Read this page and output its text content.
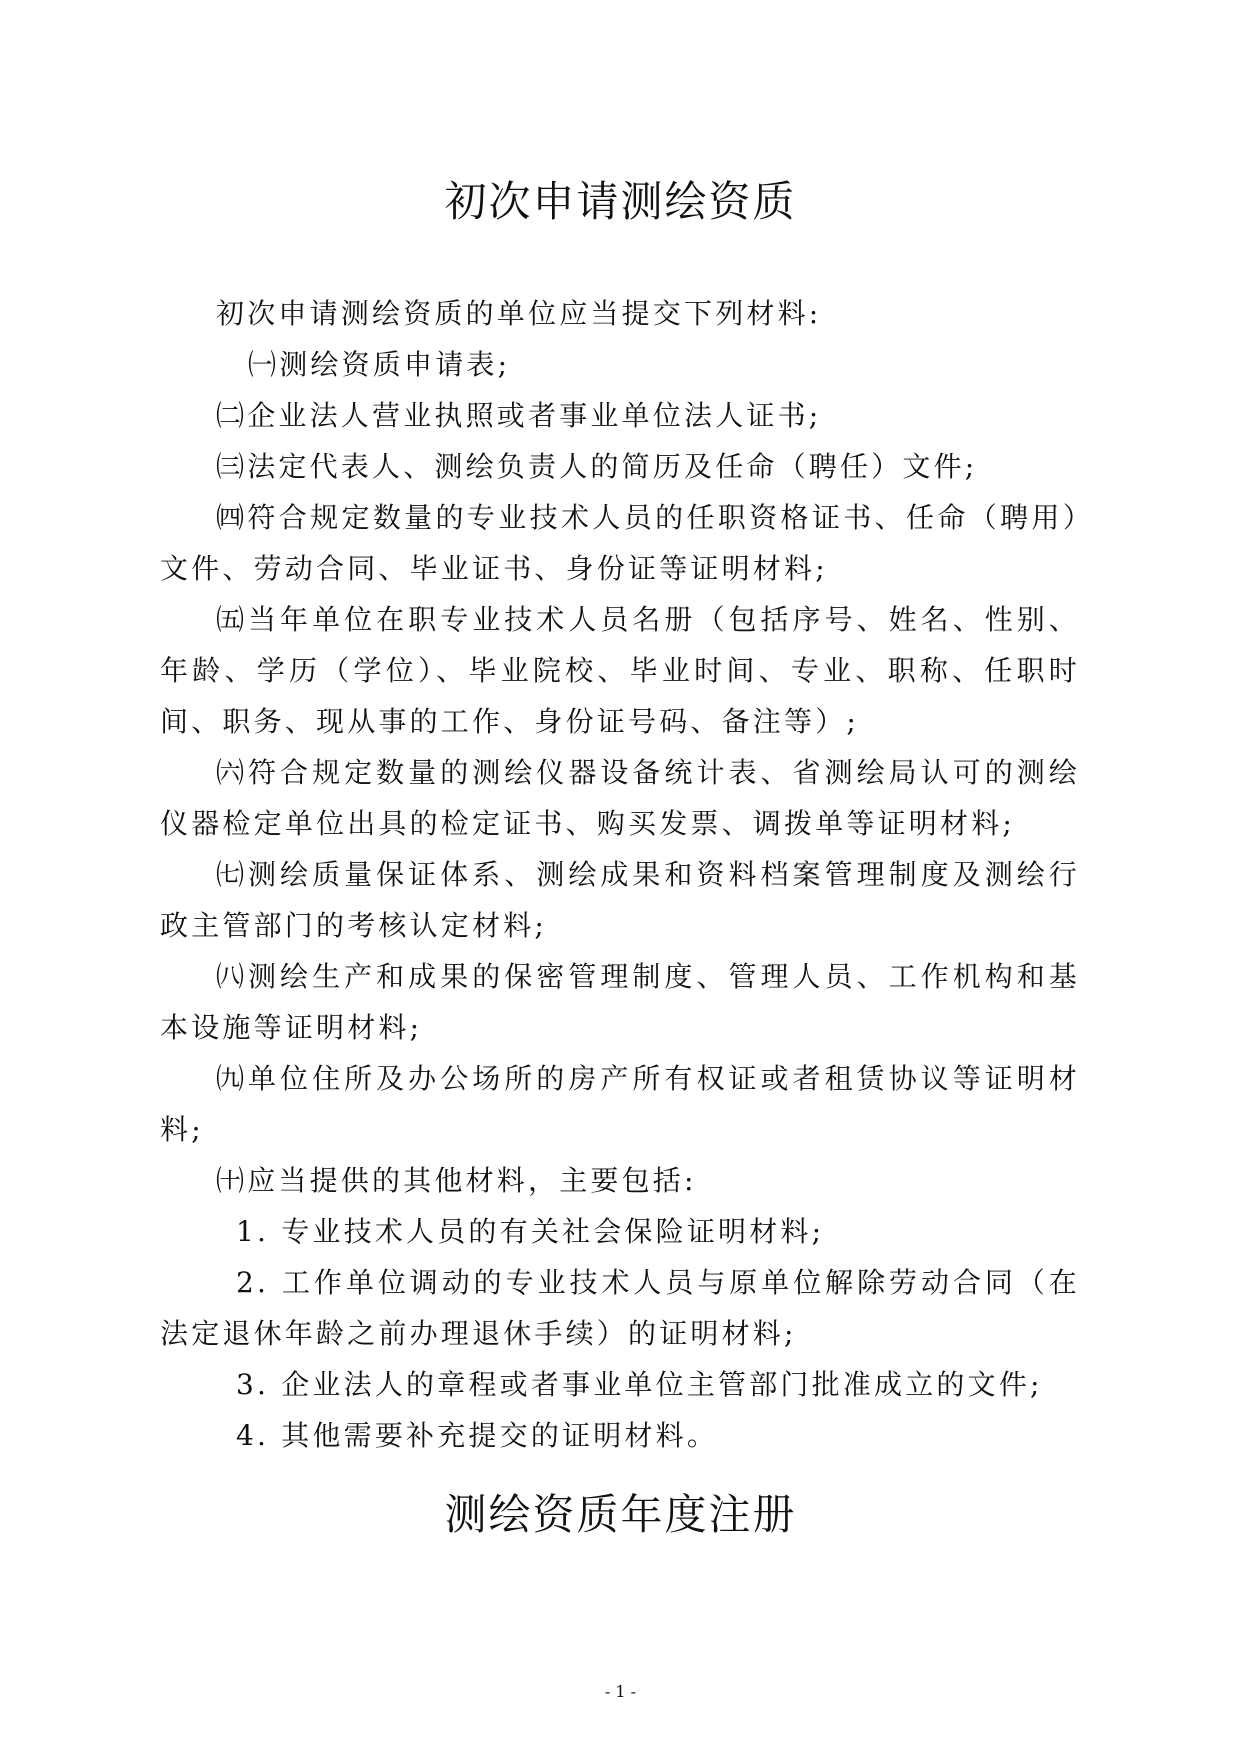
初次申请测绘资质

初次申请测绘资质的单位应当提交下列材料:

㈠测绘资质申请表;

㈡企业法人营业执照或者事业单位法人证书;

㈢法定代表人、测绘负责人的简历及任命（聘任）文件;

㈣符合规定数量的专业技术人员的任职资格证书、任命（聘用）文件、劳动合同、毕业证书、身份证等证明材料;

㈤当年单位在职专业技术人员名册（包括序号、姓名、性别、年龄、学历（学位）、毕业院校、毕业时间、专业、职称、任职时间、职务、现从事的工作、身份证号码、备注等）;

㈥符合规定数量的测绘仪器设备统计表、省测绘局认可的测绘仪器检定单位出具的检定证书、购买发票、调拨单等证明材料;

㈦测绘质量保证体系、测绘成果和资料档案管理制度及测绘行政主管部门的考核认定材料;

㈧测绘生产和成果的保密管理制度、管理人员、工作机构和基本设施等证明材料;

㈨单位住所及办公场所的房产所有权证或者租赁协议等证明材料;

㈩应当提供的其他材料，主要包括:

1. 专业技术人员的有关社会保险证明材料;

2. 工作单位调动的专业技术人员与原单位解除劳动合同（在法定退休年龄之前办理退休手续）的证明材料;

3. 企业法人的章程或者事业单位主管部门批准成立的文件;

4. 其他需要补充提交的证明材料。

测绘资质年度注册
- 1 -
